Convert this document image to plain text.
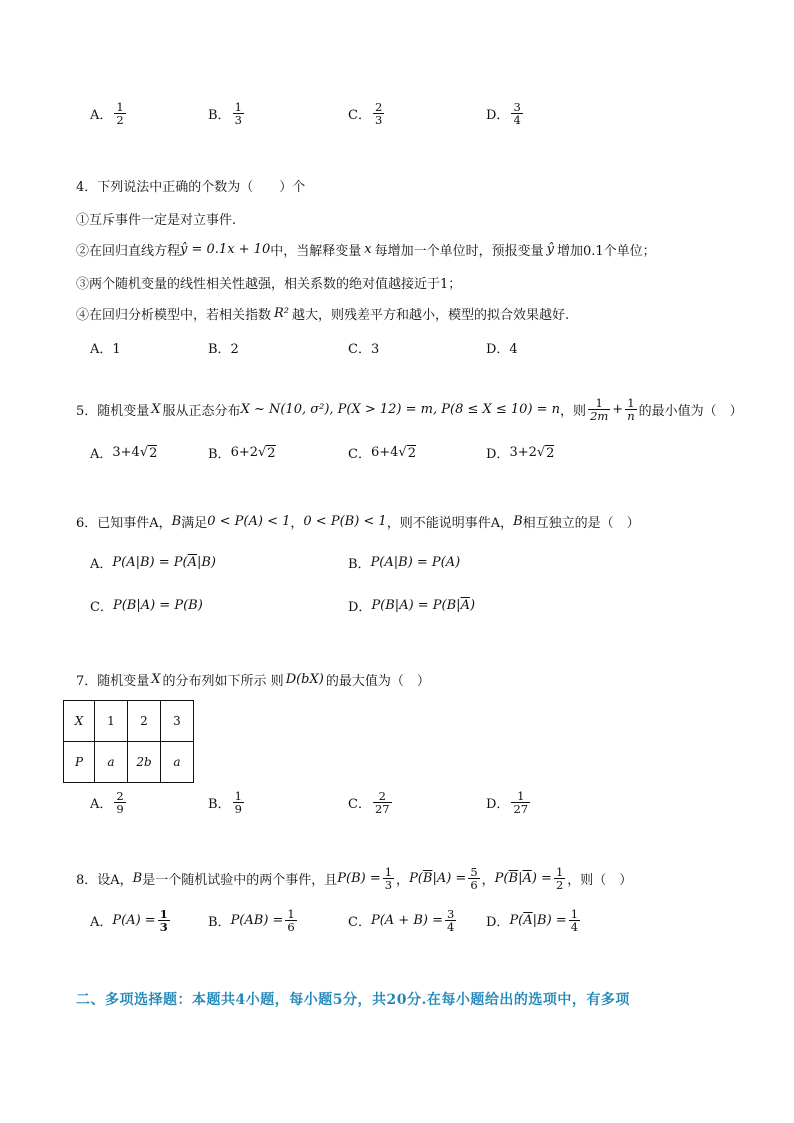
A． $\frac{1}{2}$	B． $\frac{1}{3}$	C． $\frac{2}{3}$	D． $\frac{3}{4}$
4．下列说法中正确的个数为（　　）个
①互斥事件一定是对立事件.
②在回归直线方程 ŷ = 0.1x + 10 中，当解释变量 x 每增加一个单位时，预报变量 ŷ 增加0.1个单位；
③两个随机变量的线性相关性越强，相关系数的绝对值越接近于1；
④在回归分析模型中，若相关指数 R² 越大，则残差平方和越小，模型的拟合效果越好.
A．1	B．2	C．3	D．4
5．随机变量 X 服从正态分布 X ~ N(10, σ²), P(X > 12) = m, P(8 ≤ X ≤ 10) = n ，则 $\frac{1}{2m} + \frac{1}{n}$ 的最小值为（　）
A． 3+4 √ 2	B． 6+2 √ 2	C． 6+4 √ 2	D． 3+2 √ 2
6．已知事件A， B 满足 0 < P(A) < 1 ， 0 < P(B) < 1 ，则不能说明事件A， B 相互独立的是（　）
A． P(A|B) = P( $\overline{A}$ |B)	B． P(A|B) = P(A)
C． P(B|A) = P(B)	D． P(B|A) = P(B| $\overline{A}$ )
7．随机变量 X 的分布列如下所示 则 D(bX) 的最大值为（　）
X	1	2	3
P	a	2b	a
A． $\frac{2}{9}$	B． $\frac{1}{9}$	C． $\frac{2}{27}$	D． $\frac{1}{27}$
8．设A， B 是一个随机试验中的两个事件，且 $P(B) = \frac{1}{3}$ ， P( $\overline{B}$ $|A) = \frac{5}{6}$ ， P( $\overline{B}$ | $\overline{A}$ ) = $\frac{1}{2}$ ，则（　）
A． $P(A) = \frac{1}{3}$	B． $P(AB) = \frac{1}{6}$	C． $P(A + B) = \frac{3}{4}$ D． P( $\overline{A}$ $|B) = \frac{1}{4}$
二、多项选择题：本题共4小题，每小题5分，共20分.在每小题给出的选项中，有多项
